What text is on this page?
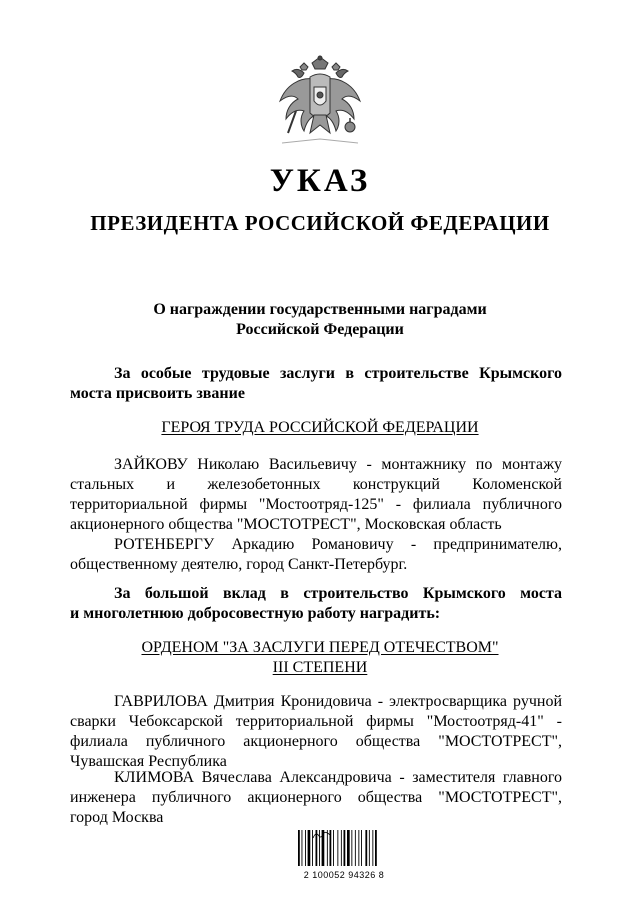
УКАЗ
ПРЕЗИДЕНТА РОССИЙСКОЙ ФЕДЕРАЦИИ
О награждении государственными наградами
Российской Федерации
За особые трудовые заслуги в строительстве Крымского
моста присвоить звание
ГЕРОЯ ТРУДА РОССИЙСКОЙ ФЕДЕРАЦИИ
ЗАЙКОВУ Николаю Васильевичу - монтажнику по монтажу
стальных и железобетонных конструкций Коломенской
территориальной фирмы "Мостоотряд-125" - филиала публичного
акционерного общества "МОСТОТРЕСТ", Московская область
РОТЕНБЕРГУ Аркадию Романовичу - предпринимателю,
общественному деятелю, город Санкт-Петербург.
За большой вклад в строительство Крымского моста
и многолетнюю добросовестную работу наградить:
ОРДЕНОМ "ЗА ЗАСЛУГИ ПЕРЕД ОТЕЧЕСТВОМ"
III СТЕПЕНИ
ГАВРИЛОВА Дмитрия Кронидовича - электросварщика ручной
сварки Чебоксарской территориальной фирмы "Мостоотряд-41" -
филиала публичного акционерного общества "МОСТОТРЕСТ",
Чувашская Республика
КЛИМОВА Вячеслава Александровича - заместителя главного
инженера публичного акционерного общества "МОСТОТРЕСТ",
город Москва
2 100052 94326 8
